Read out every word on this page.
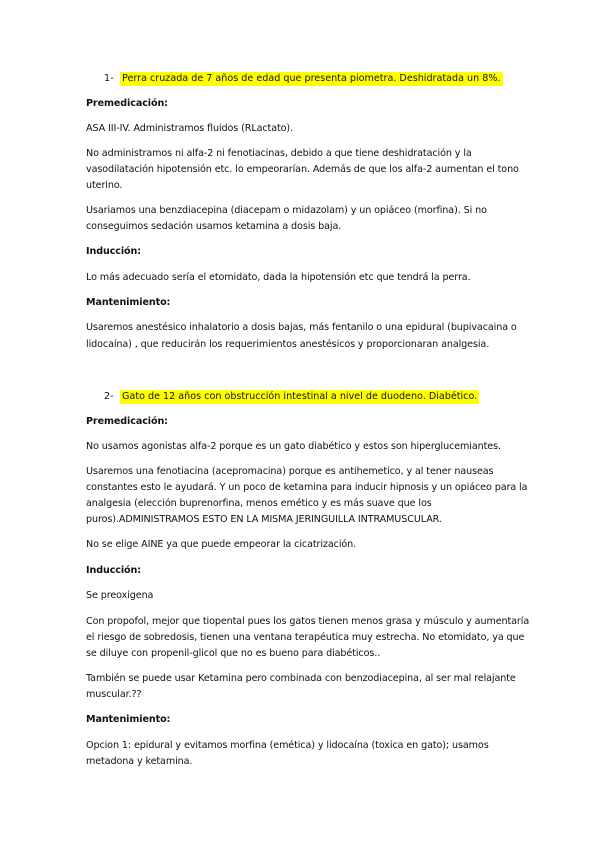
1- Perra cruzada de 7 años de edad que presenta piometra. Deshidratada un 8%.
Premedicación:
ASA III-IV. Administramos fluidos (RLactato).
No administramos ni alfa-2 ni fenotiacinas, debido a que tiene deshidratación y la
vasodilatación hipotensión etc. lo empeorarían. Además de que los alfa-2 aumentan el tono
uterino.
Usariamos una benzdiacepina (diacepam o midazolam) y un opiáceo (morfina). Si no
conseguimos sedación usamos ketamina a dosis baja.
Inducción:
Lo más adecuado sería el etomidato, dada la hipotensión etc que tendrá la perra.
Mantenimiento:
Usaremos anestésico inhalatorio a dosis bajas, más fentanilo o una epidural (bupivacaina o
lidocaína) , que reducirán los requerimientos anestésicos y proporcionaran analgesia.
2- Gato de 12 años con obstrucción intestinal a nivel de duodeno. Diabético.
Premedicación:
No usamos agonistas alfa-2 porque es un gato diabético y estos son hiperglucemiantes.
Usaremos una fenotiacina (acepromacina) porque es antihemetico, y al tener nauseas
constantes esto le ayudará. Y un poco de ketamina para inducir hipnosis y un opiáceo para la
analgesia (elección buprenorfina, menos emético y es más suave que los
puros).ADMINISTRAMOS ESTO EN LA MISMA JERINGUILLA INTRAMUSCULAR.
No se elige AINE ya que puede empeorar la cicatrización.
Inducción:
Se preoxigena
Con propofol, mejor que tiopental pues los gatos tienen menos grasa y músculo y aumentaría
el riesgo de sobredosis, tienen una ventana terapéutica muy estrecha. No etomidato, ya que
se diluye con propenil-glicol que no es bueno para diabéticos..
También se puede usar Ketamina pero combinada con benzodiacepina, al ser mal relajante
muscular.??
Mantenimiento:
Opcion 1: epidural y evitamos morfina (emética) y lidocaína (toxica en gato); usamos
metadona y ketamina.
